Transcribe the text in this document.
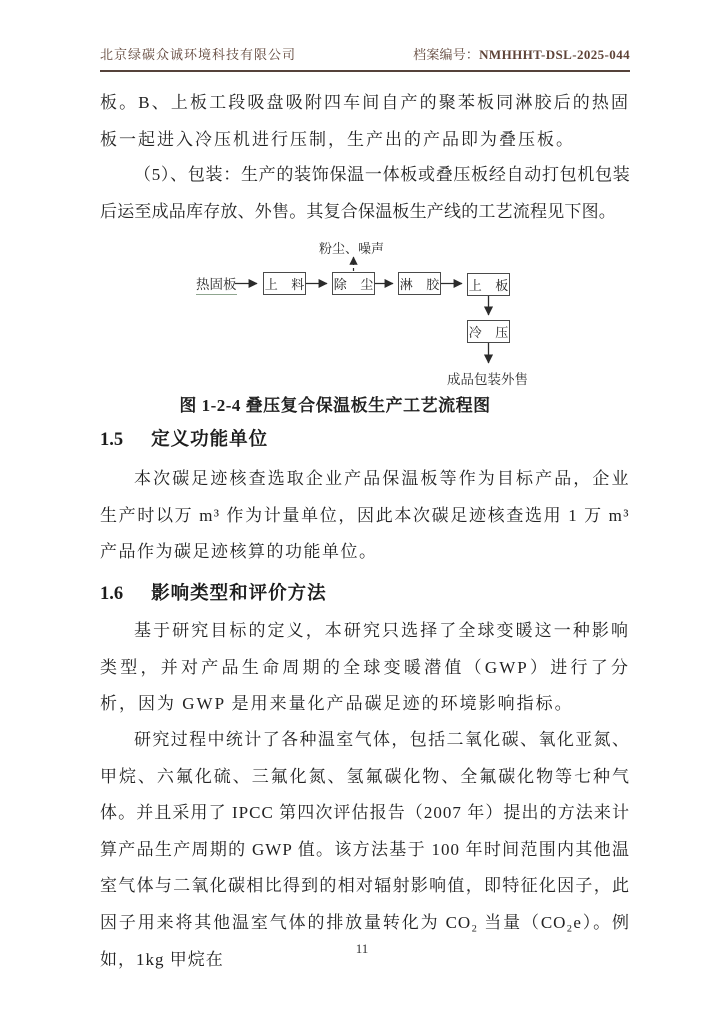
北京绿碳众诚环境科技有限公司	档案编号：NMHHHT-DSL-2025-044
板。B、上板工段吸盘吸附四车间自产的聚苯板同淋胶后的热固板一起进入冷压机进行压制，生产出的产品即为叠压板。
（5）、包装：生产的装饰保温一体板或叠压板经自动打包机包装后运至成品库存放、外售。其复合保温板生产线的工艺流程见下图。
热固板
粉尘、噪声
上 料 除 尘 淋 胶 上 板
冷 压
成品包装外售
图 1-2-4 叠压复合保温板生产工艺流程图
1.5 定义功能单位
本次碳足迹核查选取企业产品保温板等作为目标产品，企业生产时以万 m³ 作为计量单位，因此本次碳足迹核查选用 1 万 m³ 产品作为碳足迹核算的功能单位。
1.6 影响类型和评价方法
基于研究目标的定义，本研究只选择了全球变暖这一种影响类型，并对产品生命周期的全球变暖潜值（GWP）进行了分析，因为 GWP 是用来量化产品碳足迹的环境影响指标。
研究过程中统计了各种温室气体，包括二氧化碳、氧化亚氮、甲烷、六氟化硫、三氟化氮、氢氟碳化物、全氟碳化物等七种气体。并且采用了 IPCC 第四次评估报告（2007 年）提出的方法来计算产品生产周期的 GWP 值。该方法基于 100 年时间范围内其他温室气体与二氧化碳相比得到的相对辐射影响值，即特征化因子，此因子用来将其他温室气体的排放量转化为 CO₂ 当量（CO₂e）。例如，1kg 甲烷在
11
